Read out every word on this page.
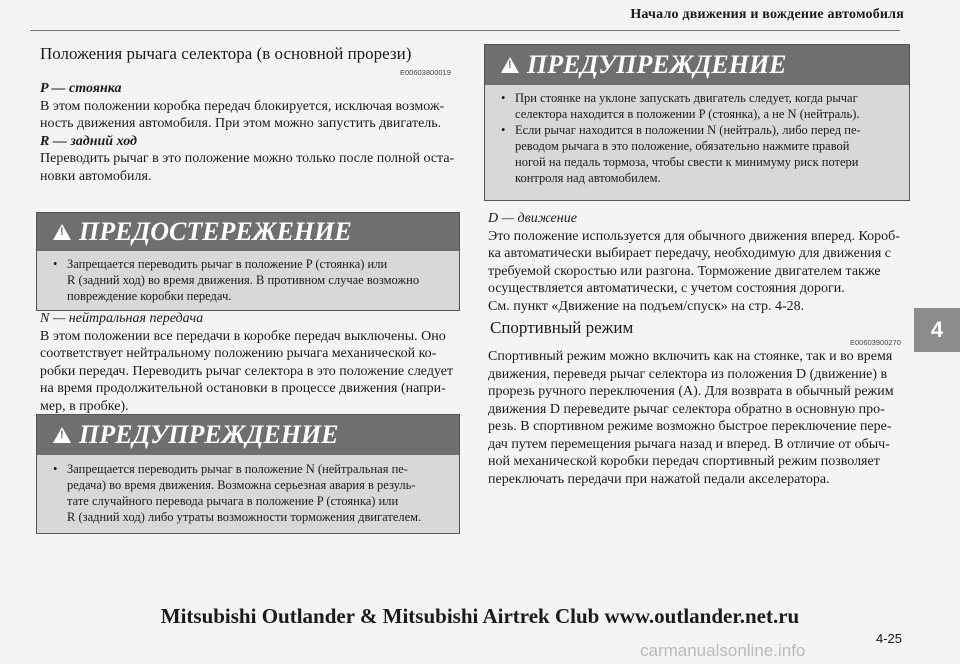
Начало движения и вождение автомобиля
4
Положения рычага селектора (в основной прорези)
E00603800019
P — стоянка
В этом положении коробка передач блокируется, исключая возмож-
ность движения автомобиля. При этом можно запустить двигатель.
R — задний ход
Переводить рычаг в это положение можно только после полной оста-
новки автомобиля.
!
ПРЕДОСТЕРЕЖЕНИЕ
• Запрещается переводить рычаг в положение P (стоянка) или
R (задний ход) во время движения. В противном случае возможно
повреждение коробки передач.
N — нейтральная передача
В этом положении все передачи в коробке передач выключены. Оно
соответствует нейтральному положению рычага механической ко-
робки передач. Переводить рычаг селектора в это положение следует
на время продолжительной остановки в процессе движения (напри-
мер, в пробке).
!
ПРЕДУПРЕЖДЕНИЕ
• Запрещается переводить рычаг в положение N (нейтральная пе-
редача) во время движения. Возможна серьезная авария в резуль-
тате случайного перевода рычага в положение P (стоянка) или
R (задний ход) либо утраты возможности торможения двигателем.
!
ПРЕДУПРЕЖДЕНИЕ
• При стоянке на уклоне запускать двигатель следует, когда рычаг
селектора находится в положении P (стоянка), а не N (нейтраль).
• Если рычаг находится в положении N (нейтраль), либо перед пе-
реводом рычага в это положение, обязательно нажмите правой
ногой на педаль тормоза, чтобы свести к минимуму риск потери
контроля над автомобилем.
D — движение
Это положение используется для обычного движения вперед. Короб-
ка автоматически выбирает передачу, необходимую для движения с
требуемой скоростью или разгона. Торможение двигателем также
осуществляется автоматически, с учетом состояния дороги.
См. пункт «Движение на подъем/спуск» на стр. 4-28.
Спортивный режим
E00603900270
Спортивный режим можно включить как на стоянке, так и во время
движения, переведя рычаг селектора из положения D (движение) в
прорезь ручного переключения (A). Для возврата в обычный режим
движения D переведите рычаг селектора обратно в основную про-
резь. В спортивном режиме возможно быстрое переключение пере-
дач путем перемещения рычага назад и вперед. В отличие от обыч-
ной механической коробки передач спортивный режим позволяет
переключать передачи при нажатой педали акселератора.
Mitsubishi Outlander & Mitsubishi Airtrek Club www.outlander.net.ru
4-25
carmanualsonline.info
